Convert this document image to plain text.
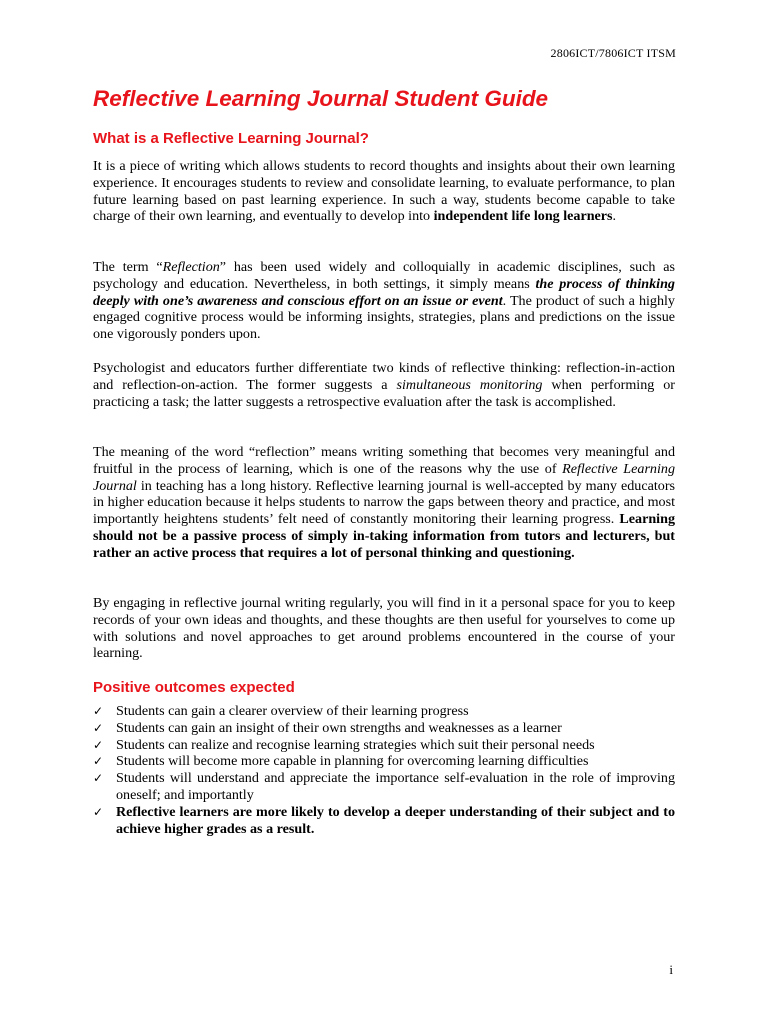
2806ICT/7806ICT ITSM
Reflective Learning Journal Student Guide
What is a Reflective Learning Journal?

It is a piece of writing which allows students to record thoughts and insights about their own learning experience. It encourages students to review and consolidate learning, to evaluate performance, to plan future learning based on past learning experience. In such a way, students become capable to take charge of their own learning, and eventually to develop into independent life long learners.

The term “Reflection” has been used widely and colloquially in academic disciplines, such as psychology and education. Nevertheless, in both settings, it simply means the process of thinking deeply with one’s awareness and conscious effort on an issue or event. The product of such a highly engaged cognitive process would be informing insights, strategies, plans and predictions on the issue one vigorously ponders upon.

Psychologist and educators further differentiate two kinds of reflective thinking: reflection-in-action and reflection-on-action. The former suggests a simultaneous monitoring when performing or practicing a task; the latter suggests a retrospective evaluation after the task is accomplished.

The meaning of the word “reflection” means writing something that becomes very meaningful and fruitful in the process of learning, which is one of the reasons why the use of Reflective Learning Journal in teaching has a long history. Reflective learning journal is well-accepted by many educators in higher education because it helps students to narrow the gaps between theory and practice, and most importantly heightens students’ felt need of constantly monitoring their learning progress. Learning should not be a passive process of simply in-taking information from tutors and lecturers, but rather an active process that requires a lot of personal thinking and questioning.

By engaging in reflective journal writing regularly, you will find in it a personal space for you to keep records of your own ideas and thoughts, and these thoughts are then useful for yourselves to come up with solutions and novel approaches to get around problems encountered in the course of your learning.

Positive outcomes expected
✓ Students can gain a clearer overview of their learning progress
✓ Students can gain an insight of their own strengths and weaknesses as a learner
✓ Students can realize and recognise learning strategies which suit their personal needs
✓ Students will become more capable in planning for overcoming learning difficulties
✓ Students will understand and appreciate the importance self-evaluation in the role of improving oneself; and importantly
✓ Reflective learners are more likely to develop a deeper understanding of their subject and to achieve higher grades as a result.
i
